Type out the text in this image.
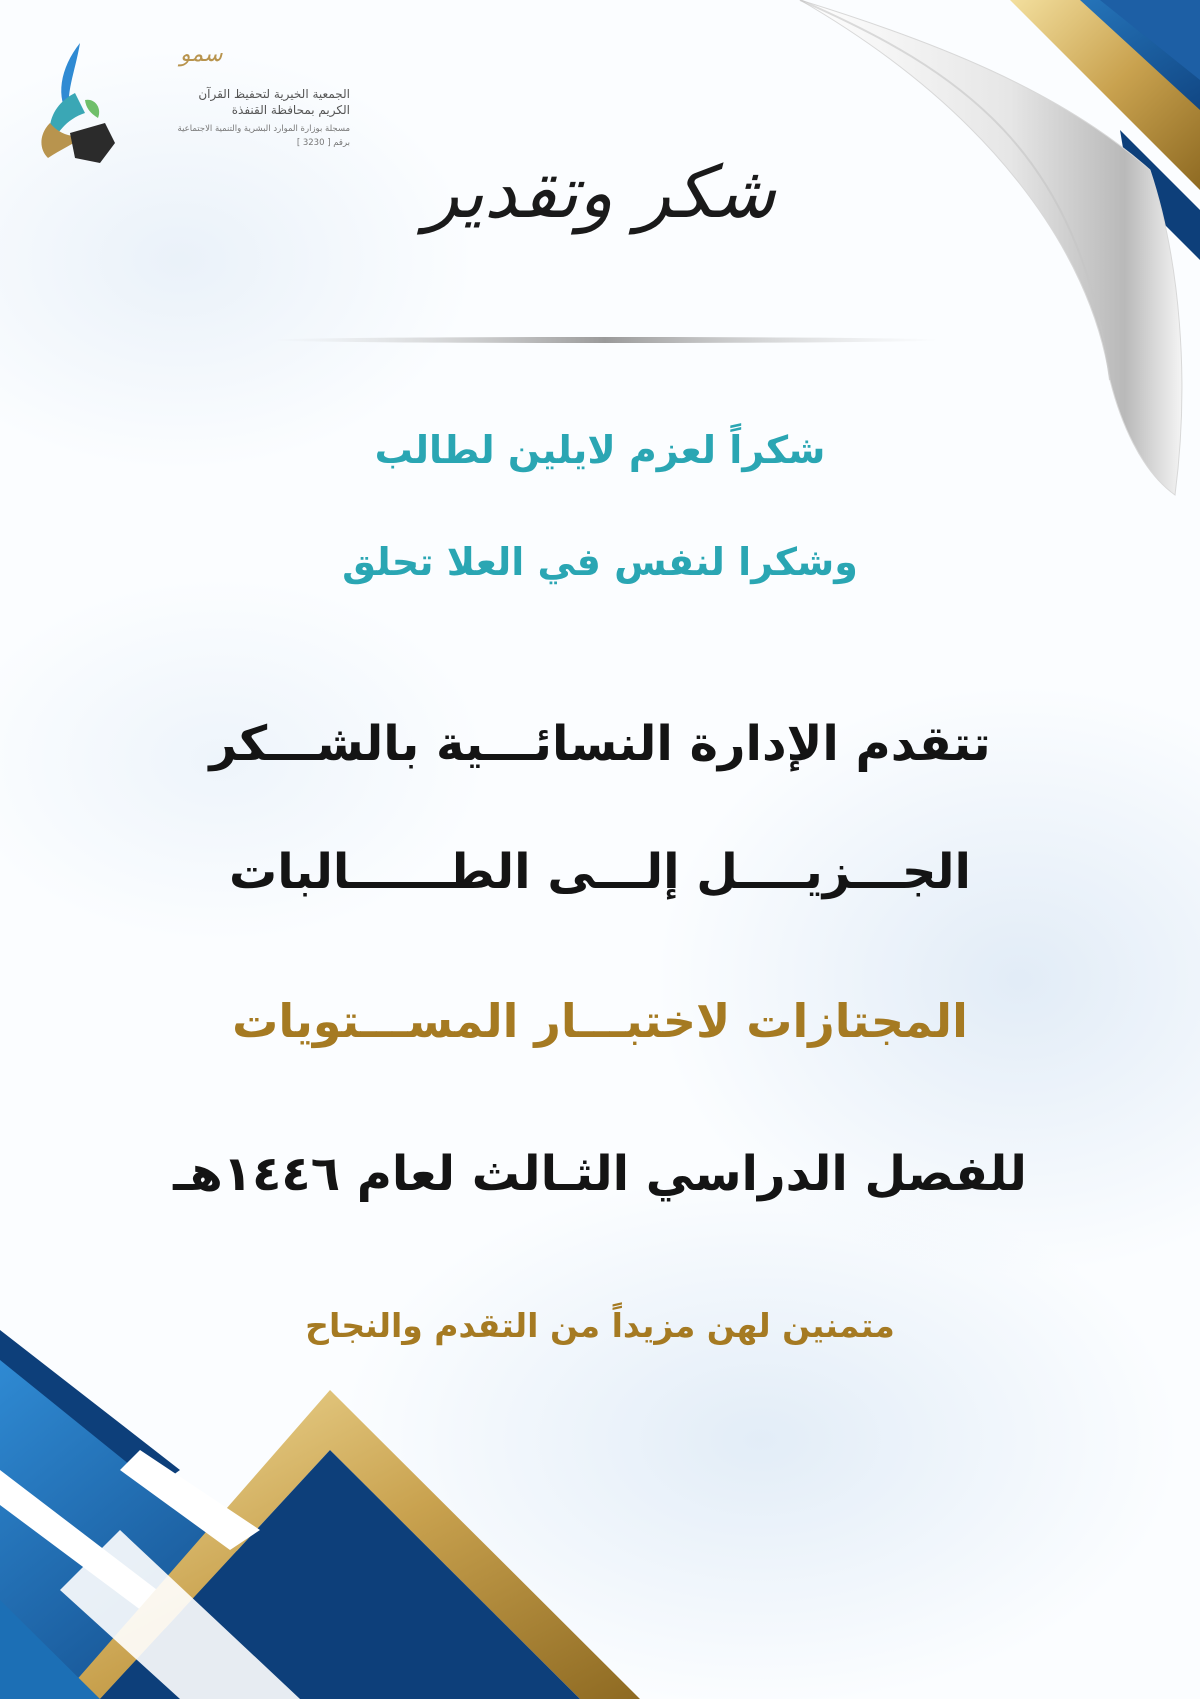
سمو
الجمعية الخيرية لتحفيظ القرآن
الكريم بمحافظة القنفذة
مسجلة بوزارة الموارد البشرية والتنمية الاجتماعية
برقم [ 3230 ]
شكر وتقدير
شكراً لعزم لايلين لطالب
وشكرا لنفس في العلا تحلق
تتقدم الإدارة النسائـــية بالشـــكر
الجـــزيــــل إلـــى الطــــــالبات
المجتازات لاختبـــار المســـتويات
للفصل الدراسي الثـالث لعام ١٤٤٦هـ
متمنين لهن مزيداً من التقدم والنجاح
